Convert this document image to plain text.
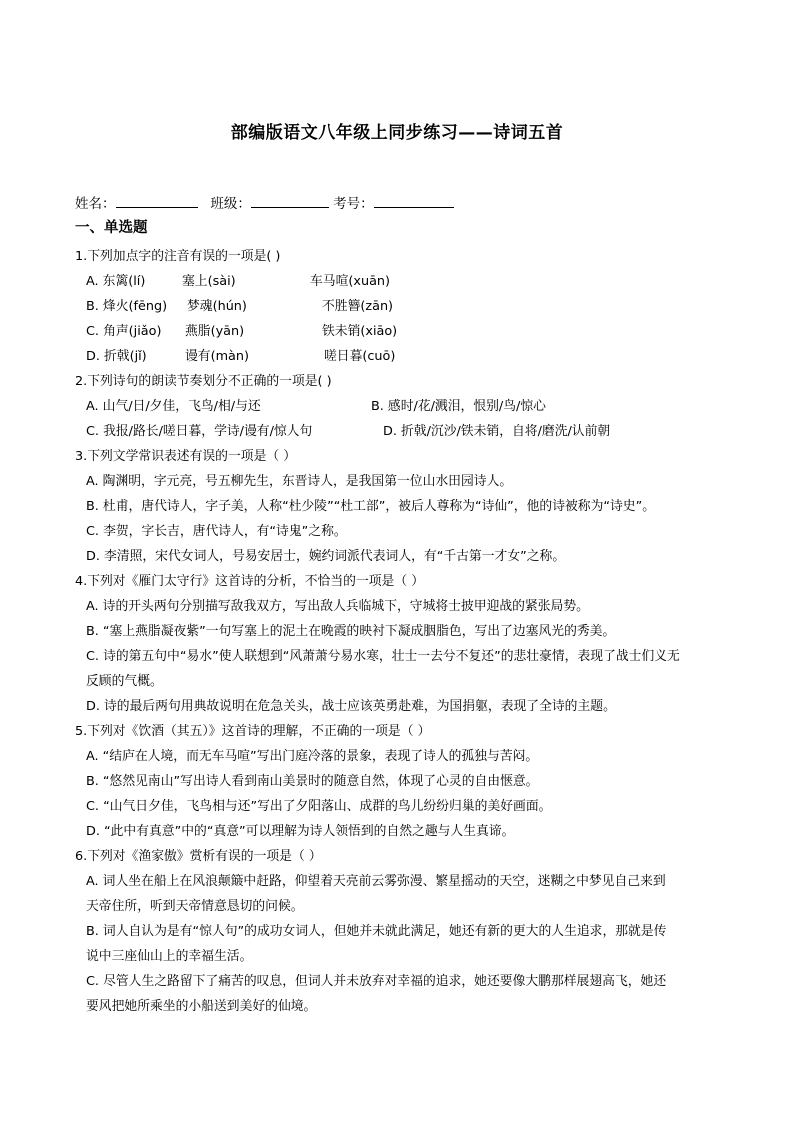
部编版语文八年级上同步练习——诗词五首
姓名：	班级：	考号：
一、单选题
1.下列加点字的注音有误的一项是( )
A. 东篱(lí)	塞上(sài)	车马喧(xuān)
B. 烽火(fēng) 梦魂(hún)	不胜簪(zān)
C. 角声(jiǎo) 燕脂(yān)	铁未销(xiāo)
D. 折戟(jǐ)	谩有(màn)	嗟日暮(cuō)
2.下列诗句的朗读节奏划分不正确的一项是( )
A. 山气/日/夕佳，飞鸟/相/与还	B. 感时/花/溅泪，恨别/鸟/惊心
C. 我报/路长/嗟日暮，学诗/谩有/惊人句	D. 折戟/沉沙/铁未销，自将/磨洗/认前朝
3.下列文学常识表述有误的一项是（ ）
A. 陶渊明，字元亮，号五柳先生，东晋诗人，是我国第一位山水田园诗人。
B. 杜甫，唐代诗人，字子美，人称“杜少陵”“杜工部”，被后人尊称为“诗仙”，他的诗被称为“诗史”。
C. 李贺，字长吉，唐代诗人，有“诗鬼”之称。
D. 李清照，宋代女词人，号易安居士，婉约词派代表词人，有“千古第一才女”之称。
4.下列对《雁门太守行》这首诗的分析，不恰当的一项是（ ）
A. 诗的开头两句分别描写敌我双方，写出敌人兵临城下，守城将士披甲迎战的紧张局势。
B. “塞上燕脂凝夜紫”一句写塞上的泥土在晚霞的映衬下凝成胭脂色，写出了边塞风光的秀美。
C. 诗的第五句中“易水”使人联想到“风萧萧兮易水寒，壮士一去兮不复还”的悲壮豪情，表现了战士们义无
反顾的气概。
D. 诗的最后两句用典故说明在危急关头，战士应该英勇赴难，为国捐躯，表现了全诗的主题。
5.下列对《饮酒（其五）》这首诗的理解，不正确的一项是（ ）
A. “结庐在人境，而无车马喧”写出门庭冷落的景象，表现了诗人的孤独与苦闷。
B. “悠然见南山”写出诗人看到南山美景时的随意自然，体现了心灵的自由惬意。
C. “山气日夕佳，飞鸟相与还”写出了夕阳落山、成群的鸟儿纷纷归巢的美好画面。
D. “此中有真意”中的“真意”可以理解为诗人领悟到的自然之趣与人生真谛。
6.下列对《渔家傲》赏析有误的一项是（ ）
A. 词人坐在船上在风浪颠簸中赶路，仰望着天亮前云雾弥漫、繁星摇动的天空，迷糊之中梦见自己来到
天帝住所，听到天帝情意恳切的问候。
B. 词人自认为是有“惊人句”的成功女词人，但她并未就此满足，她还有新的更大的人生追求，那就是传
说中三座仙山上的幸福生活。
C. 尽管人生之路留下了痛苦的叹息，但词人并未放弃对幸福的追求，她还要像大鹏那样展翅高飞，她还
要风把她所乘坐的小船送到美好的仙境。
